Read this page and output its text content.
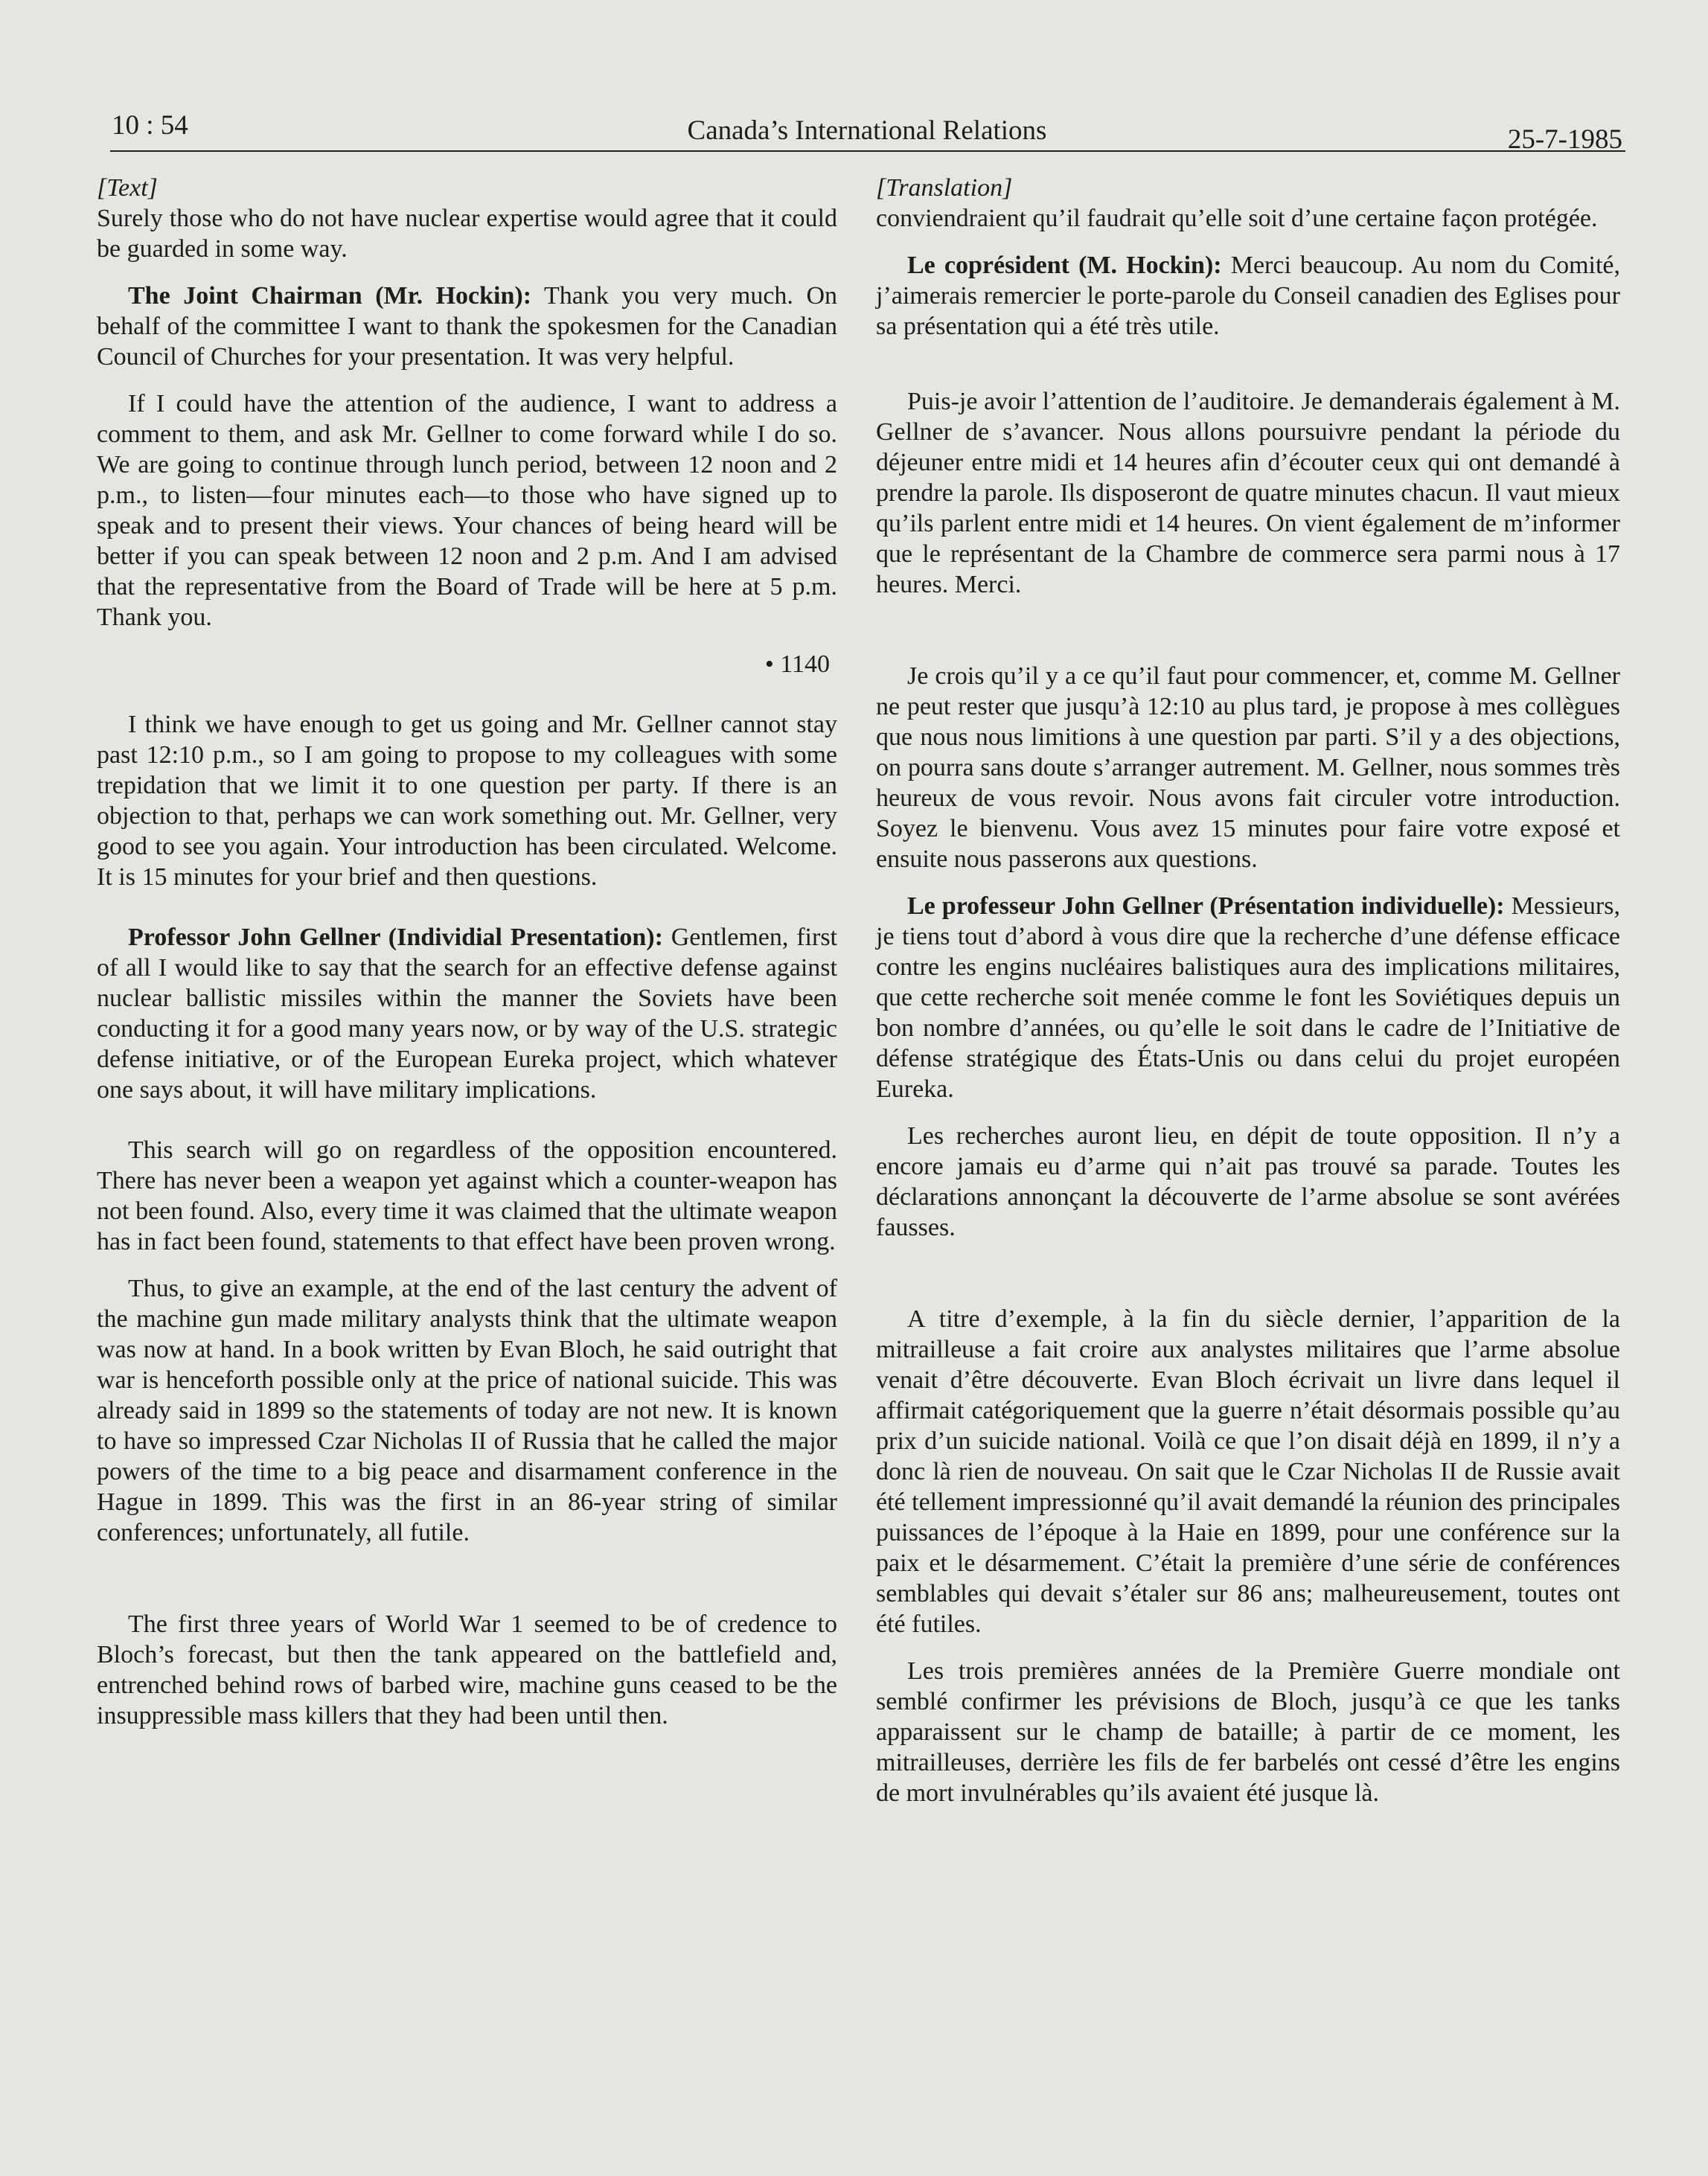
10 : 54	Canada’s International Relations	25-7-1985

[Text]

Surely those who do not have nuclear expertise would agree that it could be guarded in some way.

The Joint Chairman (Mr. Hockin): Thank you very much. On behalf of the committee I want to thank the spokesmen for the Canadian Council of Churches for your presentation. It was very helpful.

If I could have the attention of the audience, I want to address a comment to them, and ask Mr. Gellner to come forward while I do so. We are going to continue through lunch period, between 12 noon and 2 p.m., to listen—four minutes each—to those who have signed up to speak and to present their views. Your chances of being heard will be better if you can speak between 12 noon and 2 p.m. And I am advised that the representative from the Board of Trade will be here at 5 p.m. Thank you.

• 1140

I think we have enough to get us going and Mr. Gellner cannot stay past 12:10 p.m., so I am going to propose to my colleagues with some trepidation that we limit it to one question per party. If there is an objection to that, perhaps we can work something out. Mr. Gellner, very good to see you again. Your introduction has been circulated. Welcome. It is 15 minutes for your brief and then questions.

Professor John Gellner (Individial Presentation): Gentlemen, first of all I would like to say that the search for an effective defense against nuclear ballistic missiles within the manner the Soviets have been conducting it for a good many years now, or by way of the U.S. strategic defense initiative, or of the European Eureka project, which whatever one says about, it will have military implications.

This search will go on regardless of the opposition encountered. There has never been a weapon yet against which a counter-weapon has not been found. Also, every time it was claimed that the ultimate weapon has in fact been found, statements to that effect have been proven wrong.

Thus, to give an example, at the end of the last century the advent of the machine gun made military analysts think that the ultimate weapon was now at hand. In a book written by Evan Bloch, he said outright that war is henceforth possible only at the price of national suicide. This was already said in 1899 so the statements of today are not new. It is known to have so impressed Czar Nicholas II of Russia that he called the major powers of the time to a big peace and disarmament conference in the Hague in 1899. This was the first in an 86-year string of similar conferences; unfortunately, all futile.

The first three years of World War 1 seemed to be of credence to Bloch’s forecast, but then the tank appeared on the battlefield and, entrenched behind rows of barbed wire, machine guns ceased to be the insuppressible mass killers that they had been until then.

[Translation]

conviendraient qu’il faudrait qu’elle soit d’une certaine façon protégée.

Le coprésident (M. Hockin): Merci beaucoup. Au nom du Comité, j’aimerais remercier le porte-parole du Conseil canadien des Eglises pour sa présentation qui a été très utile.

Puis-je avoir l’attention de l’auditoire. Je demanderais également à M. Gellner de s’avancer. Nous allons poursuivre pendant la période du déjeuner entre midi et 14 heures afin d’écouter ceux qui ont demandé à prendre la parole. Ils disposeront de quatre minutes chacun. Il vaut mieux qu’ils parlent entre midi et 14 heures. On vient également de m’informer que le représentant de la Chambre de commerce sera parmi nous à 17 heures. Merci.

Je crois qu’il y a ce qu’il faut pour commencer, et, comme M. Gellner ne peut rester que jusqu’à 12:10 au plus tard, je propose à mes collègues que nous nous limitions à une question par parti. S’il y a des objections, on pourra sans doute s’arranger autrement. M. Gellner, nous sommes très heureux de vous revoir. Nous avons fait circuler votre introduction. Soyez le bienvenu. Vous avez 15 minutes pour faire votre exposé et ensuite nous passerons aux questions.

Le professeur John Gellner (Présentation individuelle): Messieurs, je tiens tout d’abord à vous dire que la recherche d’une défense efficace contre les engins nucléaires balistiques aura des implications militaires, que cette recherche soit menée comme le font les Soviétiques depuis un bon nombre d’années, ou qu’elle le soit dans le cadre de l’Initiative de défense stratégique des États-Unis ou dans celui du projet européen Eureka.

Les recherches auront lieu, en dépit de toute opposition. Il n’y a encore jamais eu d’arme qui n’ait pas trouvé sa parade. Toutes les déclarations annonçant la découverte de l’arme absolue se sont avérées fausses.

A titre d’exemple, à la fin du siècle dernier, l’apparition de la mitrailleuse a fait croire aux analystes militaires que l’arme absolue venait d’être découverte. Evan Bloch écrivait un livre dans lequel il affirmait catégoriquement que la guerre n’était désormais possible qu’au prix d’un suicide national. Voilà ce que l’on disait déjà en 1899, il n’y a donc là rien de nouveau. On sait que le Czar Nicholas II de Russie avait été tellement impressionné qu’il avait demandé la réunion des principales puissances de l’époque à la Haie en 1899, pour une conférence sur la paix et le désarmement. C’était la première d’une série de conférences semblables qui devait s’étaler sur 86 ans; malheureusement, toutes ont été futiles.

Les trois premières années de la Première Guerre mondiale ont semblé confirmer les prévisions de Bloch, jusqu’à ce que les tanks apparaissent sur le champ de bataille; à partir de ce moment, les mitrailleuses, derrière les fils de fer barbelés ont cessé d’être les engins de mort invulnérables qu’ils avaient été jusque là.
